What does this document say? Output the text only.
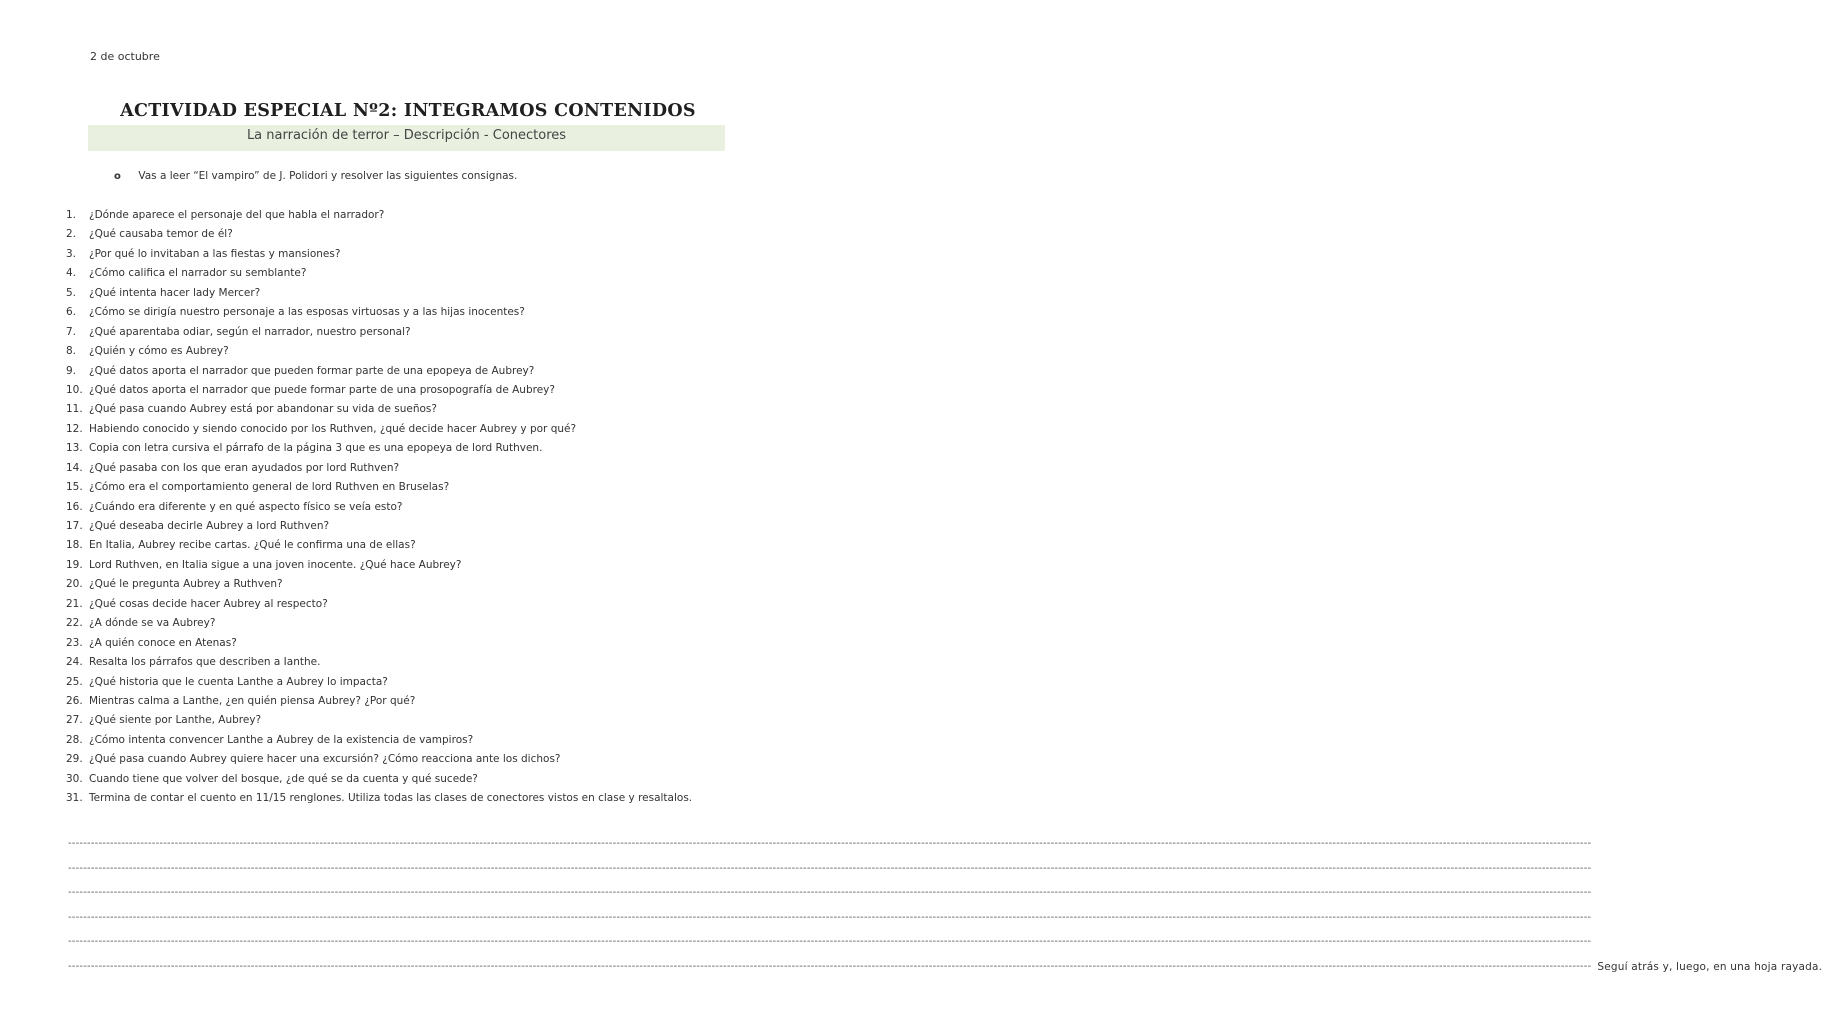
2 de octubre
ACTIVIDAD ESPECIAL Nº2: INTEGRAMOS CONTENIDOS
La narración de terror – Descripción - Conectores
o Vas a leer “El vampiro” de J. Polidori y resolver las siguientes consignas.
1.	¿Dónde aparece el personaje del que habla el narrador?
2.	¿Qué causaba temor de él?
3.	¿Por qué lo invitaban a las fiestas y mansiones?
4.	¿Cómo califica el narrador su semblante?
5.	¿Qué intenta hacer lady Mercer?
6.	¿Cómo se dirigía nuestro personaje a las esposas virtuosas y a las hijas inocentes?
7.	¿Qué aparentaba odiar, según el narrador, nuestro personal?
8.	¿Quién y cómo es Aubrey?
9.	¿Qué datos aporta el narrador que pueden formar parte de una epopeya de Aubrey?
10. ¿Qué datos aporta el narrador que puede formar parte de una prosopografía de Aubrey?
11. ¿Qué pasa cuando Aubrey está por abandonar su vida de sueños?
12. Habiendo conocido y siendo conocido por los Ruthven, ¿qué decide hacer Aubrey y por qué?
13. Copia con letra cursiva el párrafo de la página 3 que es una epopeya de lord Ruthven.
14. ¿Qué pasaba con los que eran ayudados por lord Ruthven?
15. ¿Cómo era el comportamiento general de lord Ruthven en Bruselas?
16. ¿Cuándo era diferente y en qué aspecto físico se veía esto?
17. ¿Qué deseaba decirle Aubrey a lord Ruthven?
18. En Italia, Aubrey recibe cartas. ¿Qué le confirma una de ellas?
19. Lord Ruthven, en Italia sigue a una joven inocente. ¿Qué hace Aubrey?
20. ¿Qué le pregunta Aubrey a Ruthven?
21. ¿Qué cosas decide hacer Aubrey al respecto?
22. ¿A dónde se va Aubrey?
23. ¿A quién conoce en Atenas?
24. Resalta los párrafos que describen a Ianthe.
25. ¿Qué historia que le cuenta Lanthe a Aubrey lo impacta?
26. Mientras calma a Lanthe, ¿en quién piensa Aubrey? ¿Por qué?
27. ¿Qué siente por Lanthe, Aubrey?
28. ¿Cómo intenta convencer Lanthe a Aubrey de la existencia de vampiros?
29. ¿Qué pasa cuando Aubrey quiere hacer una excursión? ¿Cómo reacciona ante los dichos?
30. Cuando tiene que volver del bosque, ¿de qué se da cuenta y qué sucede?
31. Termina de contar el cuento en 11/15 renglones. Utiliza todas las clases de conectores vistos en clase y resaltalos.
----------------------------------------------------------------------------------------------------------------------------------------------------------------------------------------------------------------------------------------------------------------------------------------------------------------------------------------------------------------------------------------------------------------
----------------------------------------------------------------------------------------------------------------------------------------------------------------------------------------------------------------------------------------------------------------------------------------------------------------------------------------------------------------------------------------------------------------
----------------------------------------------------------------------------------------------------------------------------------------------------------------------------------------------------------------------------------------------------------------------------------------------------------------------------------------------------------------------------------------------------------------
----------------------------------------------------------------------------------------------------------------------------------------------------------------------------------------------------------------------------------------------------------------------------------------------------------------------------------------------------------------------------------------------------------------
----------------------------------------------------------------------------------------------------------------------------------------------------------------------------------------------------------------------------------------------------------------------------------------------------------------------------------------------------------------------------------------------------------------
---------------------------------------------------------------------------------------------------------------------------------------------------------------------------------------------------------------------------------------------------------------------------------------------------------------------------------------------------------------------------------------------------------------- Seguí atrás y, luego, en una hoja rayada.
